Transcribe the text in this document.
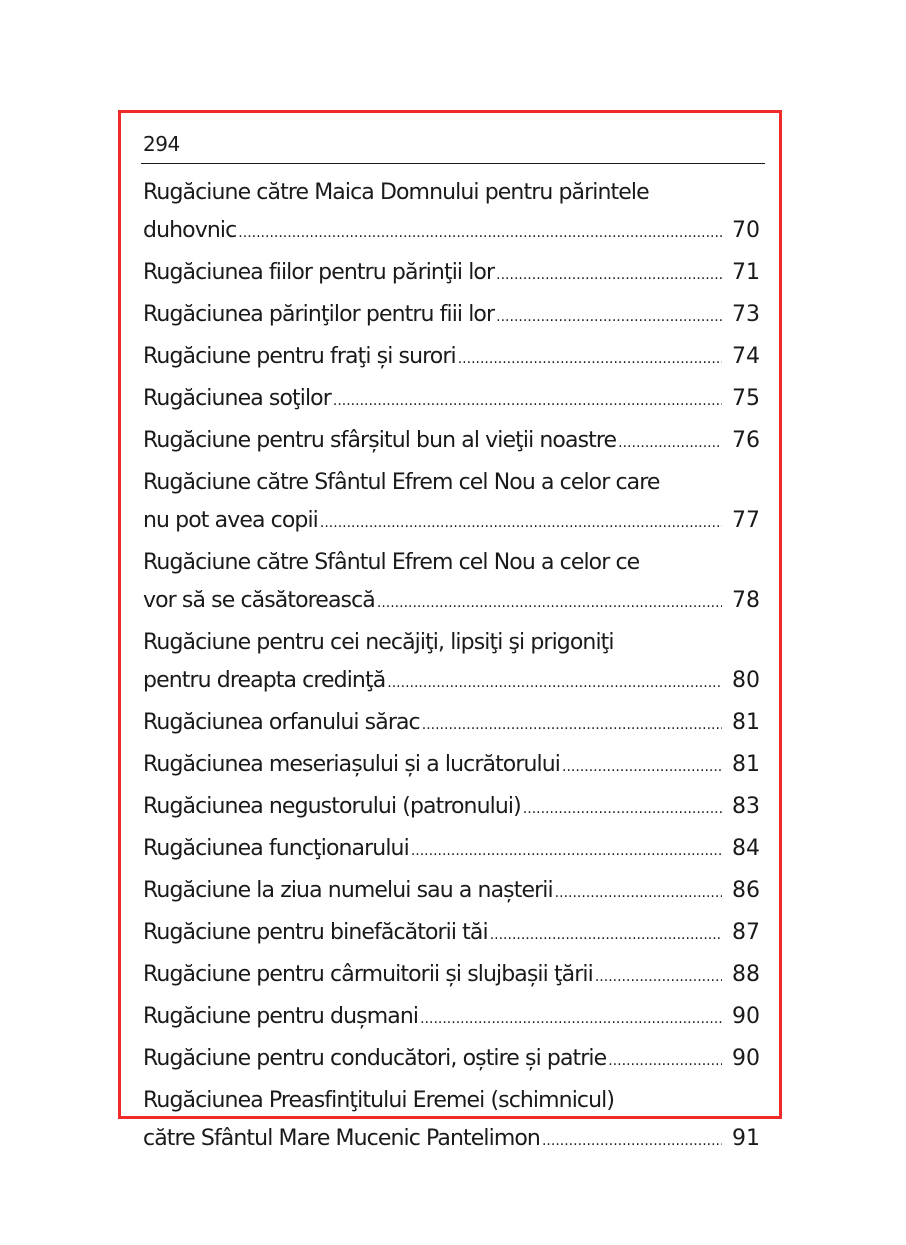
294
Rugăciune către Maica Domnului pentru părintele
duhovnic .....	70
Rugăciunea fiilor pentru părinţii lor .....	71
Rugăciunea părinţilor pentru fiii lor .....	73
Rugăciune pentru fraţi și surori .....	74
Rugăciunea soţilor .....	75
Rugăciune pentru sfârșitul bun al vieţii noastre .....	76
Rugăciune către Sfântul Efrem cel Nou a celor care
nu pot avea copii .....	77
Rugăciune către Sfântul Efrem cel Nou a celor ce
vor să se căsătorească .....	78
Rugăciune pentru cei necăjiţi, lipsiţi şi prigoniţi
pentru dreapta credinţă .....	80
Rugăciunea orfanului sărac .....	81
Rugăciunea meseriașului și a lucrătorului .....	81
Rugăciunea negustorului (patronului) .....	83
Rugăciunea funcţionarului .....	84
Rugăciune la ziua numelui sau a nașterii .....	86
Rugăciune pentru binefăcătorii tăi .....	87
Rugăciune pentru cârmuitorii și slujbașii ţării .....	88
Rugăciune pentru dușmani .....	90
Rugăciune pentru conducători, oștire și patrie .....	90
Rugăciunea Preasfinţitului Eremei (schimnicul)
către Sfântul Mare Mucenic Pantelimon .....	91
